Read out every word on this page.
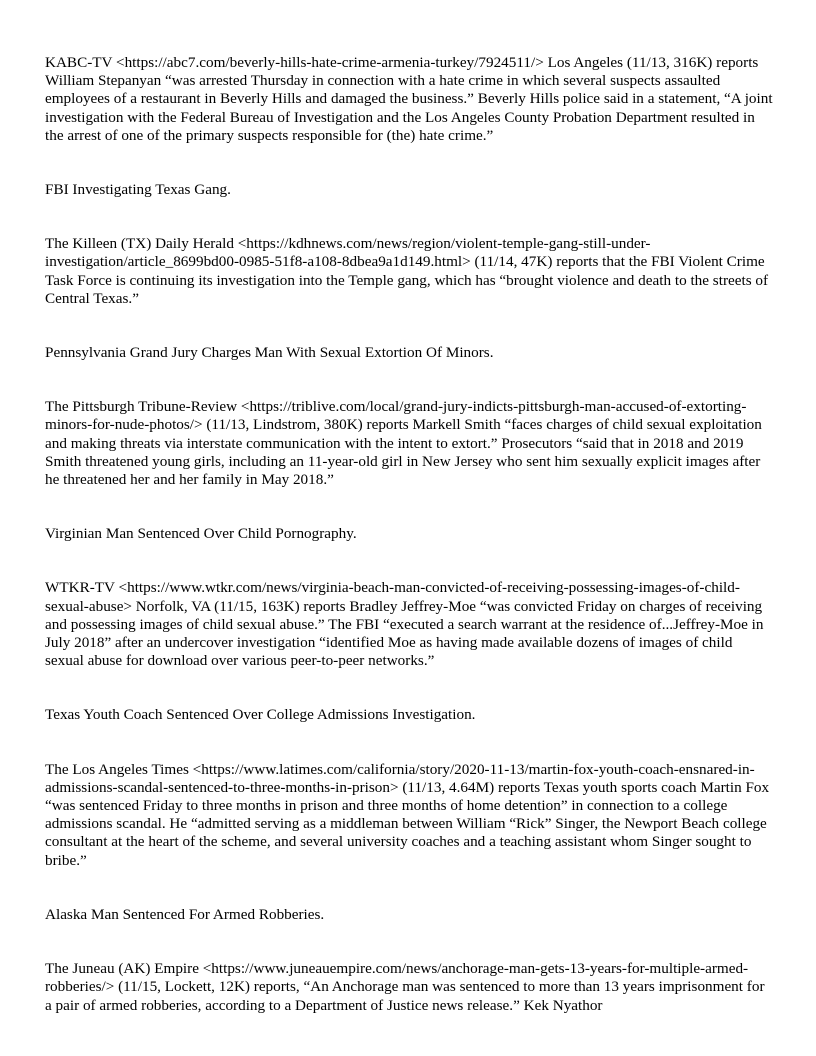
KABC-TV <https://abc7.com/beverly-hills-hate-crime-armenia-turkey/7924511/> Los Angeles (11/13, 316K) reports William Stepanyan “was arrested Thursday in connection with a hate crime in which several suspects assaulted employees of a restaurant in Beverly Hills and damaged the business.” Beverly Hills police said in a statement, “A joint investigation with the Federal Bureau of Investigation and the Los Angeles County Probation Department resulted in the arrest of one of the primary suspects responsible for (the) hate crime.”

FBI Investigating Texas Gang.

The Killeen (TX) Daily Herald <https://kdhnews.com/news/region/violent-temple-gang-still-under-investigation/article_8699bd00-0985-51f8-a108-8dbea9a1d149.html> (11/14, 47K) reports that the FBI Violent Crime Task Force is continuing its investigation into the Temple gang, which has “brought violence and death to the streets of Central Texas.”

Pennsylvania Grand Jury Charges Man With Sexual Extortion Of Minors.

The Pittsburgh Tribune-Review <https://triblive.com/local/grand-jury-indicts-pittsburgh-man-accused-of-extorting-minors-for-nude-photos/> (11/13, Lindstrom, 380K) reports Markell Smith “faces charges of child sexual exploitation and making threats via interstate communication with the intent to extort.” Prosecutors “said that in 2018 and 2019 Smith threatened young girls, including an 11-year-old girl in New Jersey who sent him sexually explicit images after he threatened her and her family in May 2018.”

Virginian Man Sentenced Over Child Pornography.

WTKR-TV <https://www.wtkr.com/news/virginia-beach-man-convicted-of-receiving-possessing-images-of-child-sexual-abuse> Norfolk, VA (11/15, 163K) reports Bradley Jeffrey-Moe “was convicted Friday on charges of receiving and possessing images of child sexual abuse.” The FBI “executed a search warrant at the residence of...Jeffrey-Moe in July 2018” after an undercover investigation “identified Moe as having made available dozens of images of child sexual abuse for download over various peer-to-peer networks.”

Texas Youth Coach Sentenced Over College Admissions Investigation.

The Los Angeles Times <https://www.latimes.com/california/story/2020-11-13/martin-fox-youth-coach-ensnared-in-admissions-scandal-sentenced-to-three-months-in-prison> (11/13, 4.64M) reports Texas youth sports coach Martin Fox “was sentenced Friday to three months in prison and three months of home detention” in connection to a college admissions scandal. He “admitted serving as a middleman between William “Rick” Singer, the Newport Beach college consultant at the heart of the scheme, and several university coaches and a teaching assistant whom Singer sought to bribe.”

Alaska Man Sentenced For Armed Robberies.

The Juneau (AK) Empire <https://www.juneauempire.com/news/anchorage-man-gets-13-years-for-multiple-armed-robberies/> (11/15, Lockett, 12K) reports, “An Anchorage man was sentenced to more than 13 years imprisonment for a pair of armed robberies, according to a Department of Justice news release.” Kek Nyathor
